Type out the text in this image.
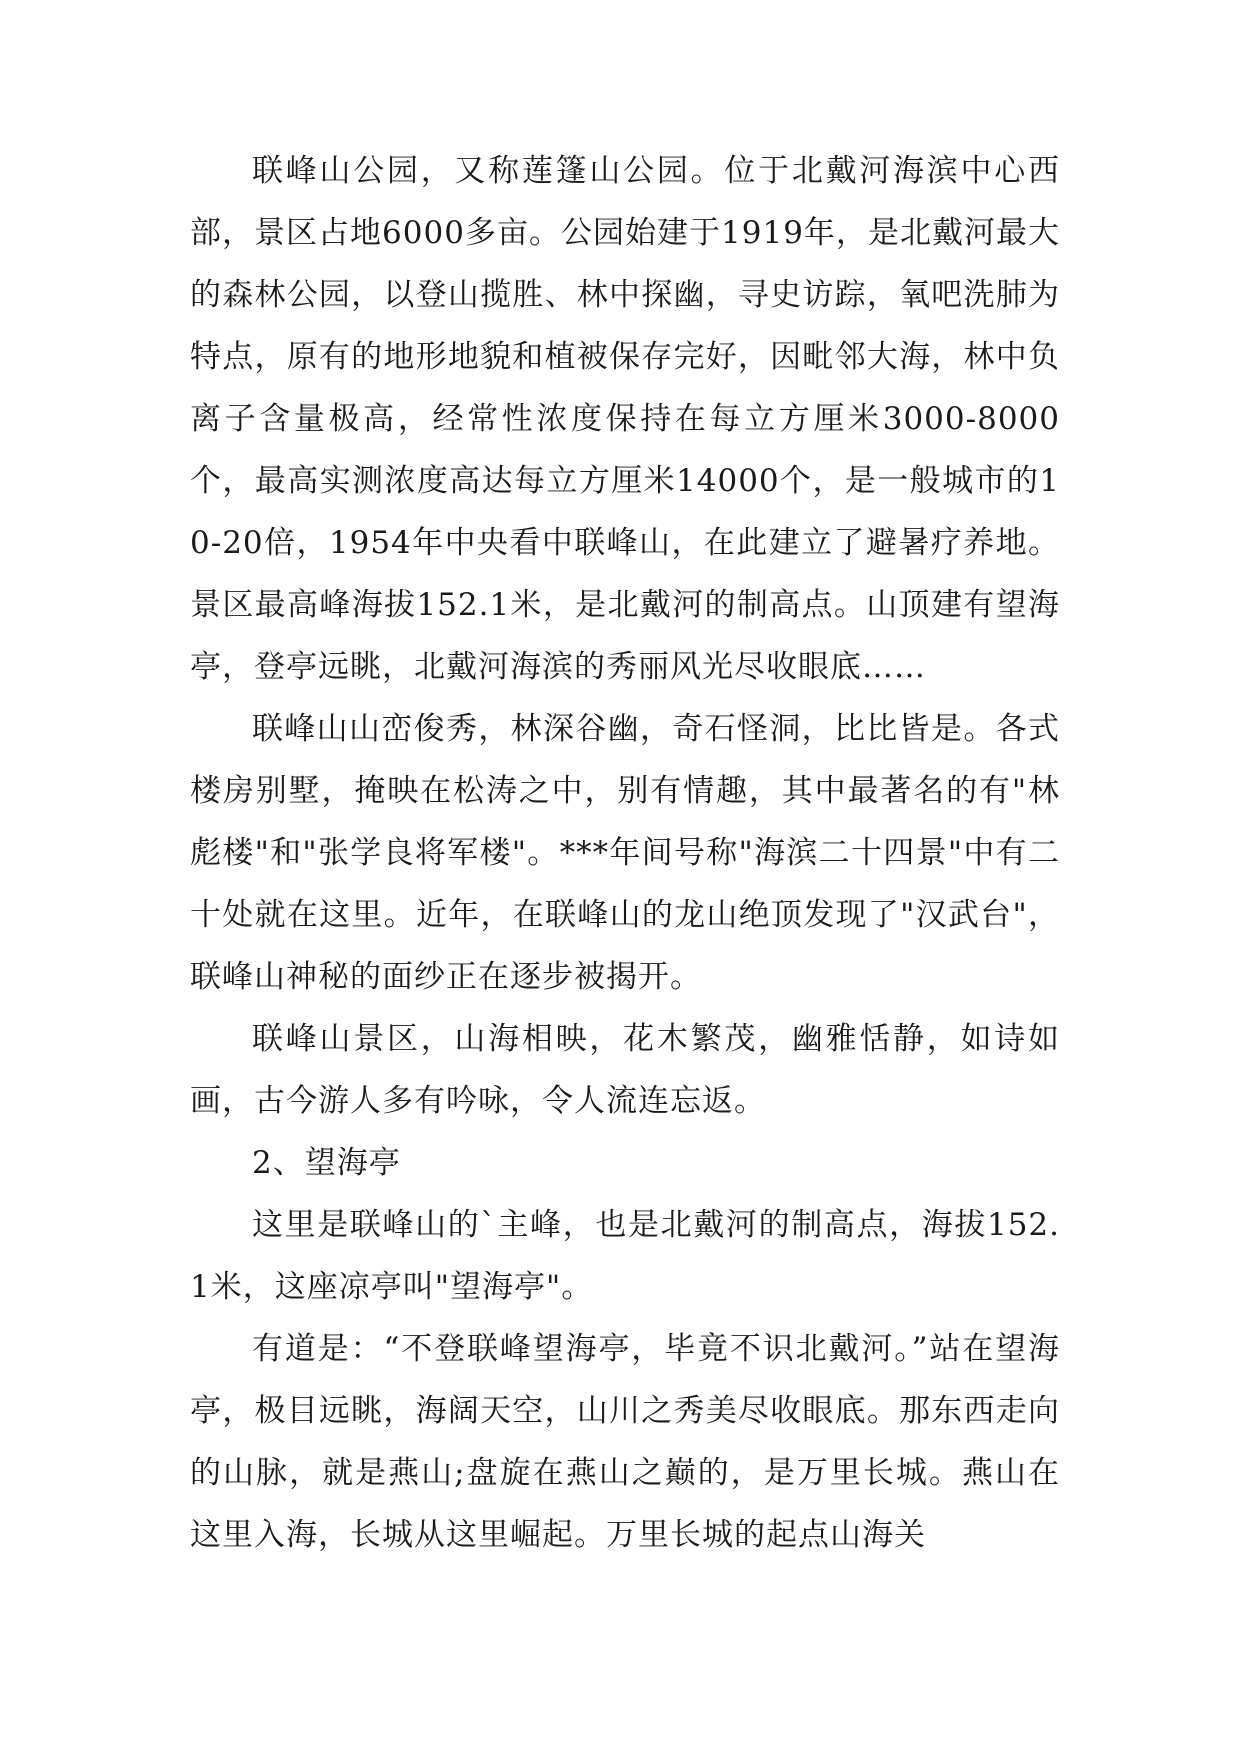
联峰山公园，又称莲篷山公园。位于北戴河海滨中心西部，景区占地6000多亩。公园始建于1919年，是北戴河最大的森林公园，以登山揽胜、林中探幽，寻史访踪，氧吧洗肺为特点，原有的地形地貌和植被保存完好，因毗邻大海，林中负离子含量极高，经常性浓度保持在每立方厘米3000-8000个，最高实测浓度高达每立方厘米14000个，是一般城市的10-20倍，1954年中央看中联峰山，在此建立了避暑疗养地。景区最高峰海拔152.1米，是北戴河的制高点。山顶建有望海亭，登亭远眺，北戴河海滨的秀丽风光尽收眼底……

联峰山山峦俊秀，林深谷幽，奇石怪洞，比比皆是。各式楼房别墅，掩映在松涛之中，别有情趣，其中最著名的有"林彪楼"和"张学良将军楼"。***年间号称"海滨二十四景"中有二十处就在这里。近年，在联峰山的龙山绝顶发现了"汉武台"，联峰山神秘的面纱正在逐步被揭开。

联峰山景区，山海相映，花木繁茂，幽雅恬静，如诗如画，古今游人多有吟咏，令人流连忘返。

2、望海亭

这里是联峰山的`主峰，也是北戴河的制高点，海拔152.1米，这座凉亭叫"望海亭"。

有道是：“不登联峰望海亭，毕竟不识北戴河。”站在望海亭，极目远眺，海阔天空，山川之秀美尽收眼底。那东西走向的山脉，就是燕山;盘旋在燕山之巅的，是万里长城。燕山在这里入海，长城从这里崛起。万里长城的起点山海关
